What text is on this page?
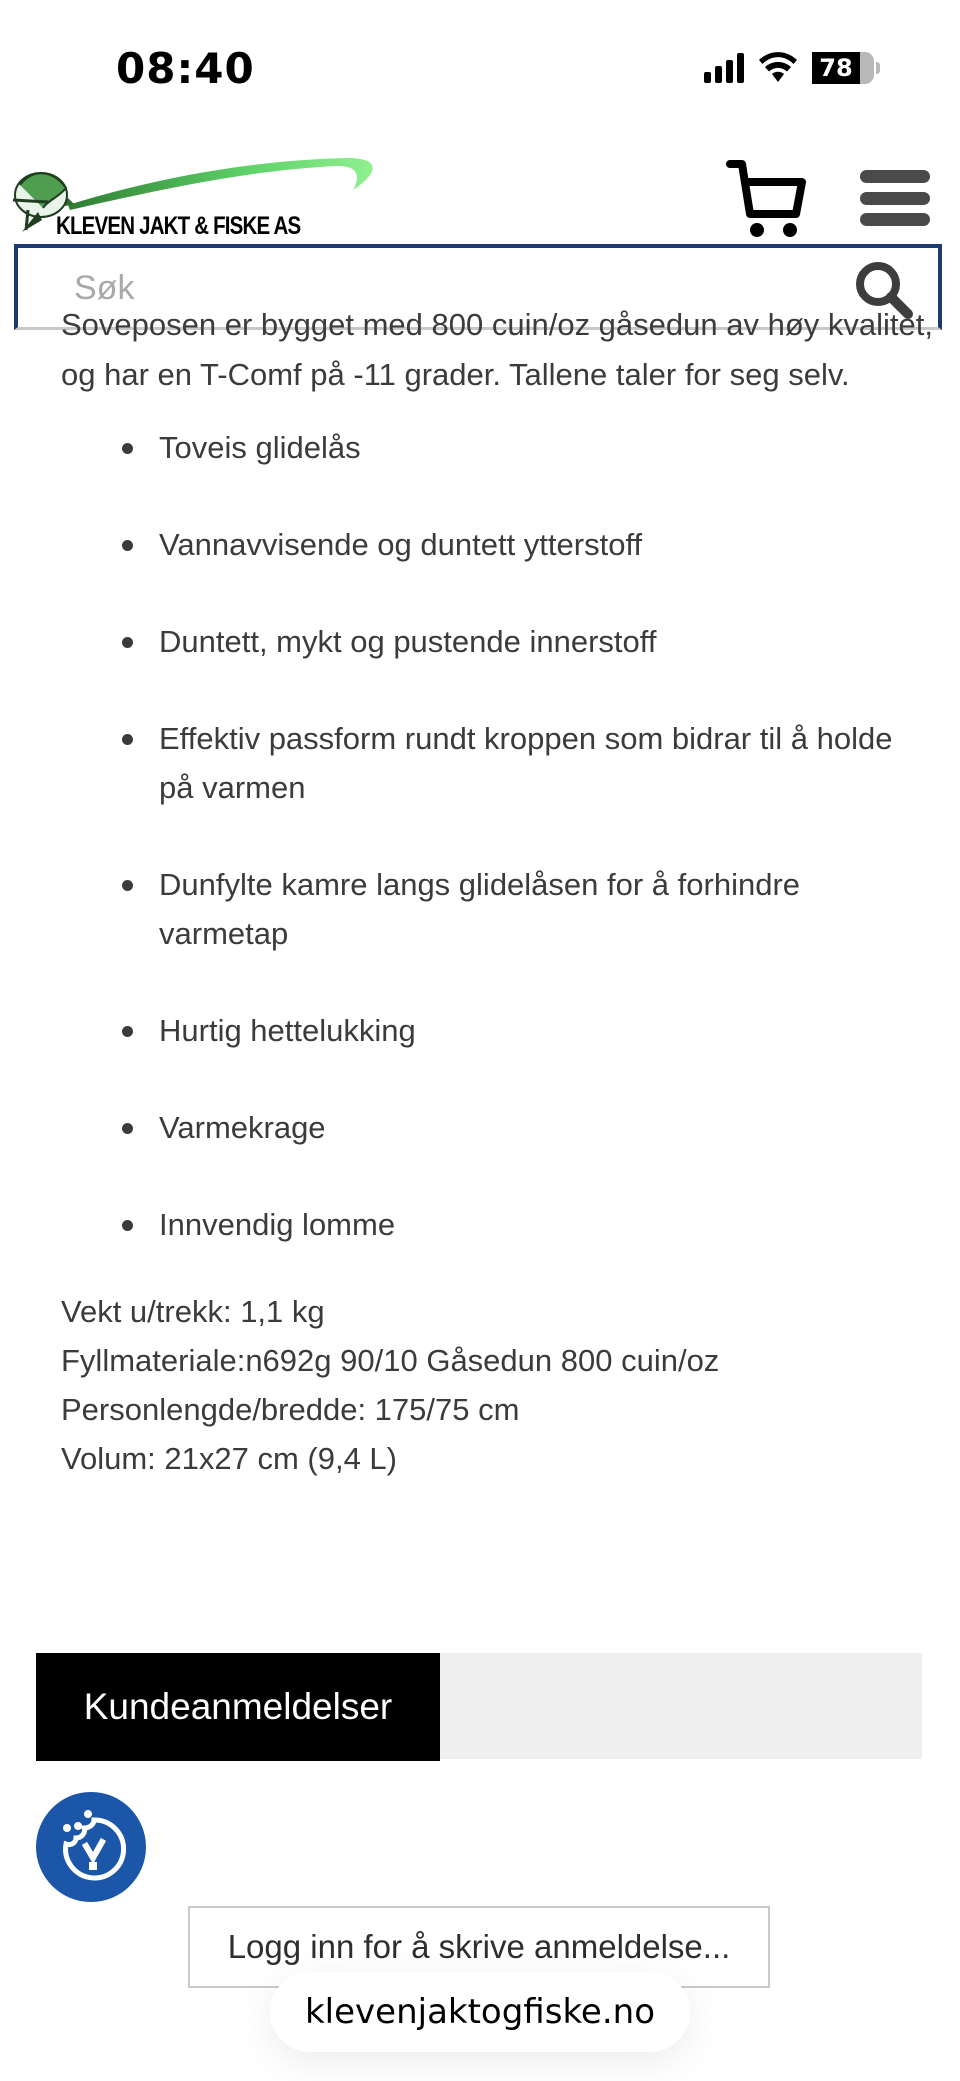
08:40	78
KLEVEN JAKT & FISKE AS
Søk
Soveposen er bygget med 800 cuin/oz gåsedun av høy kvalitet,

og har en T-Comf på -11 grader. Tallene taler for seg selv.

Toveis glidelås
Vannavvisende og duntett ytterstoff
Duntett, mykt og pustende innerstoff
Effektiv passform rundt kroppen som bidrar til å holde på varmen
Dunfylte kamre langs glidelåsen for å forhindre varmetap
Hurtig hettelukking
Varmekrage
Innvendig lomme
Vekt u/trekk: 1,1 kg
Fyllmateriale:n692g 90/10 Gåsedun 800 cuin/oz
Personlengde/bredde: 175/75 cm
Volum: 21x27 cm (9,4 L)
Kundeanmeldelser
Logg inn for å skrive anmeldelse...
klevenjaktogfiske.no
